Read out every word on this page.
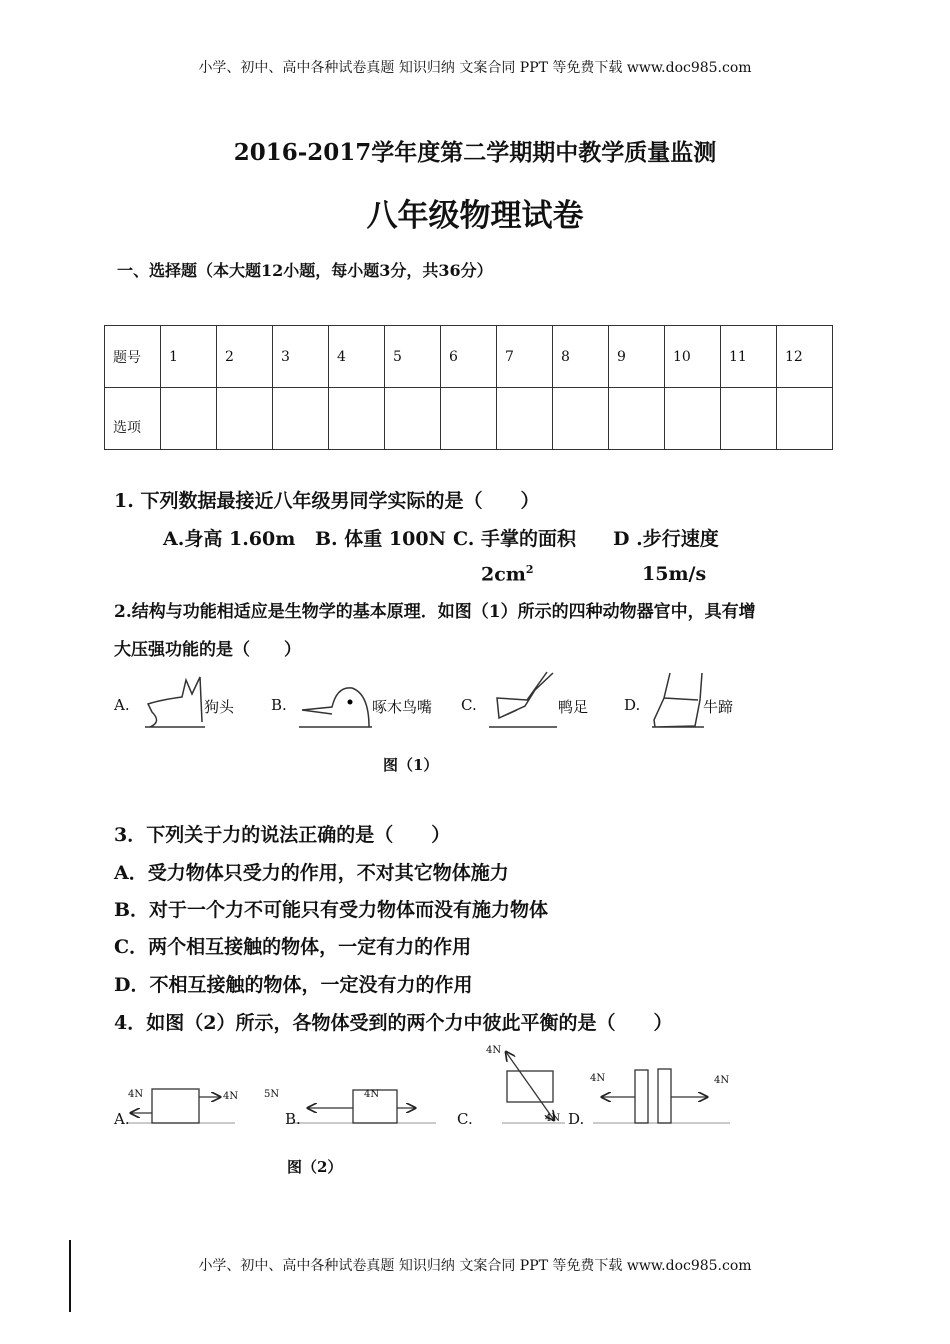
小学、初中、高中各种试卷真题 知识归纳 文案合同 PPT 等免费下载 www.doc985.com
2016-2017学年度第二学期期中教学质量监测
八年级物理试卷
一、选择题（本大题12小题，每小题3分，共36分）
题号	1	2	3	4	5	6	7	8	9	10	11	12
选项												
1. 下列数据最接近八年级男同学实际的是（　　）
A.身高 1.60m B. 体重 100N C. 手掌的面积 D .步行速度
$2cm^2$	15m/s
2.结构与功能相适应是生物学的基本原理．如图（1）所示的四种动物器官中，具有增
大压强功能的是（　　）
A.	狗头 B.	啄木鸟嘴 C.	鸭足 D.	牛蹄
图（1）
3．下列关于力的说法正确的是（　　）
A．受力物体只受力的作用，不对其它物体施力
B．对于一个力不可能只有受力物体而没有施力物体
C．两个相互接触的物体，一定有力的作用
D．不相互接触的物体，一定没有力的作用
4．如图（2）所示，各物体受到的两个力中彼此平衡的是（　　）
A.	B.	C.	D.
4N	4N	5N	4N
4N
4N
4N	4N
图（2）
小学、初中、高中各种试卷真题 知识归纳 文案合同 PPT 等免费下载 www.doc985.com
